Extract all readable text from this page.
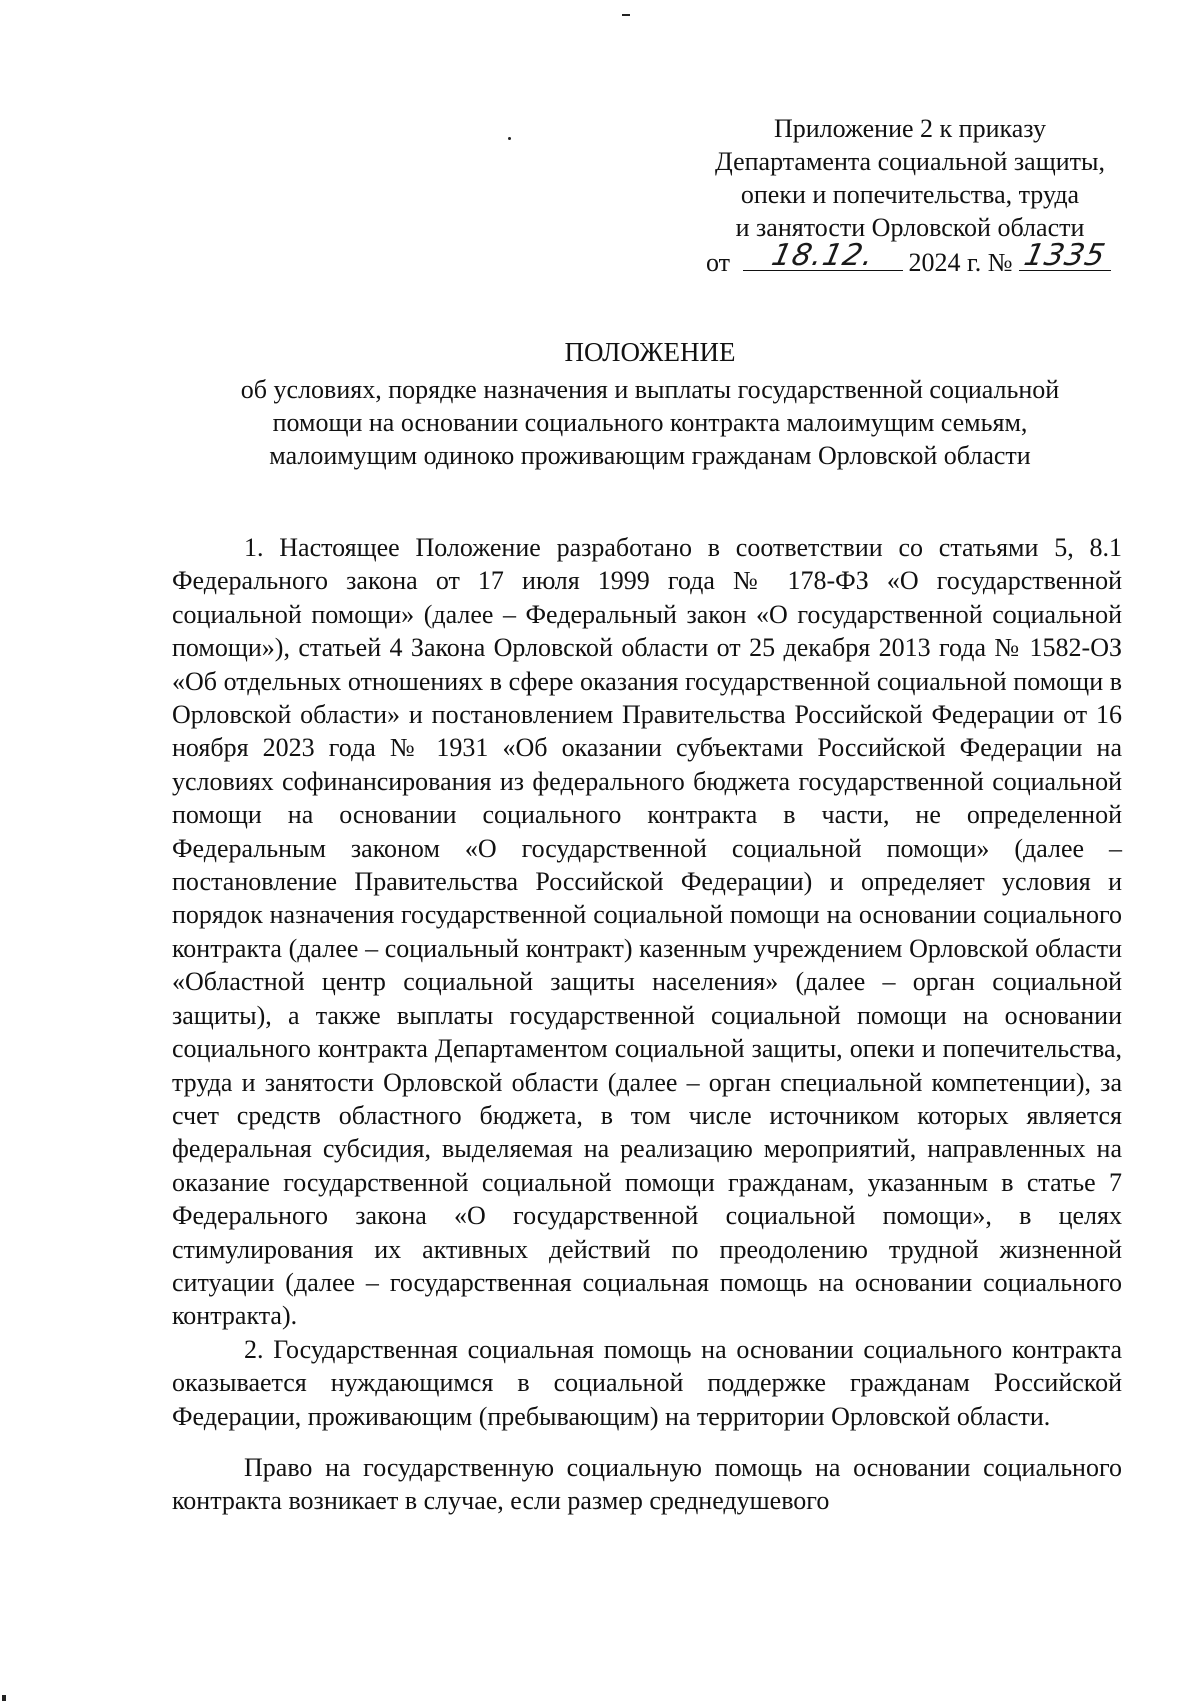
Приложение 2 к приказу
Департамента социальной защиты,
опеки и попечительства, труда
и занятости Орловской области
от	18.12.	2024 г. № 1335
ПОЛОЖЕНИЕ
об условиях, порядке назначения и выплаты государственной социальной
помощи на основании социального контракта малоимущим семьям,
малоимущим одиноко проживающим гражданам Орловской области

1. Настоящее Положение разработано в соответствии со статьями 5, 8.1 Федерального закона от 17 июля 1999 года № 178-ФЗ «О государственной социальной помощи» (далее – Федеральный закон «О государственной социальной помощи»), статьей 4 Закона Орловской области от 25 декабря 2013 года № 1582-ОЗ «Об отдельных отношениях в сфере оказания государственной социальной помощи в Орловской области» и постановлением Правительства Российской Федерации от 16 ноября 2023 года № 1931 «Об оказании субъектами Российской Федерации на условиях софинансирования из федерального бюджета государственной социальной помощи на основании социального контракта в части, не определенной Федеральным законом «О государственной социальной помощи» (далее – постановление Правительства Российской Федерации) и определяет условия и порядок назначения государственной социальной помощи на основании социального контракта (далее – социальный контракт) казенным учреждением Орловской области «Областной центр социальной защиты населения» (далее – орган социальной защиты), а также выплаты государственной социальной помощи на основании социального контракта Департаментом социальной защиты, опеки и попечительства, труда и занятости Орловской области (далее – орган специальной компетенции), за счет средств областного бюджета, в том числе источником которых является федеральная субсидия, выделяемая на реализацию мероприятий, направленных на оказание государственной социальной помощи гражданам, указанным в статье 7 Федерального закона «О государственной социальной помощи», в целях стимулирования их активных действий по преодолению трудной жизненной ситуации (далее – государственная социальная помощь на основании социального контракта).

2. Государственная социальная помощь на основании социального контракта оказывается нуждающимся в социальной поддержке гражданам Российской Федерации, проживающим (пребывающим) на территории Орловской области.

Право на государственную социальную помощь на основании социального контракта возникает в случае, если размер среднедушевого
